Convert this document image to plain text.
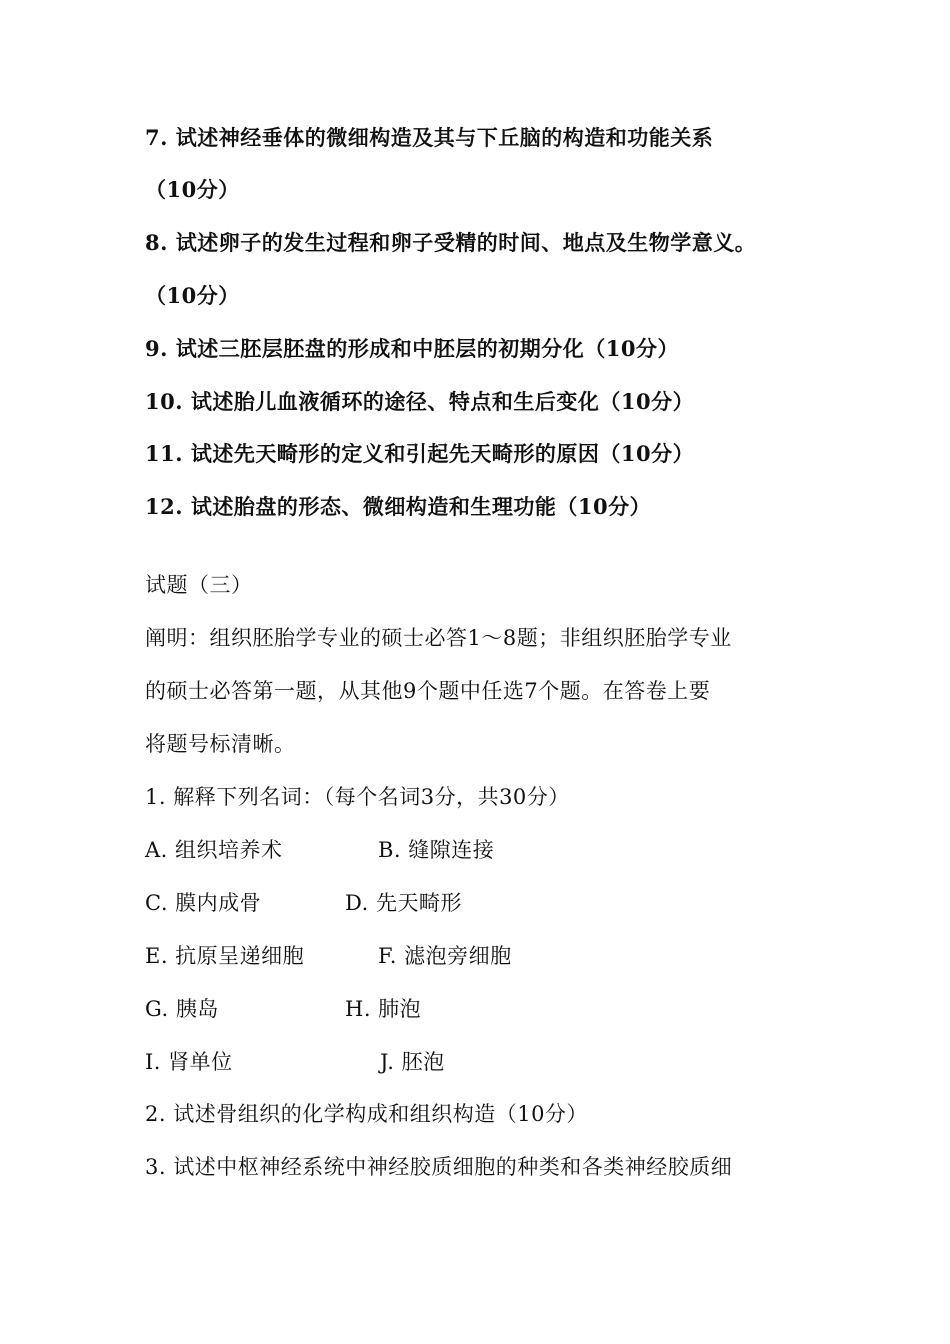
7. 试述神经垂体的微细构造及其与下丘脑的构造和功能关系
（10分）
8. 试述卵子的发生过程和卵子受精的时间、地点及生物学意义。
（10分）
9. 试述三胚层胚盘的形成和中胚层的初期分化（10分）
10. 试述胎儿血液循环的途径、特点和生后变化（10分）
11. 试述先天畸形的定义和引起先天畸形的原因（10分）
12. 试述胎盘的形态、微细构造和生理功能（10分）
试题（三）
阐明：组织胚胎学专业的硕士必答1～8题；非组织胚胎学专业
的硕士必答第一题，从其他9个题中任选7个题。在答卷上要
将题号标清晰。
1. 解释下列名词：（每个名词3分，共30分）
A. 组织培养术	B. 缝隙连接
C. 膜内成骨	D. 先天畸形
E. 抗原呈递细胞	F. 滤泡旁细胞
G. 胰岛	H. 肺泡
I. 肾单位	J. 胚泡
2. 试述骨组织的化学构成和组织构造（10分）
3. 试述中枢神经系统中神经胶质细胞的种类和各类神经胶质细
